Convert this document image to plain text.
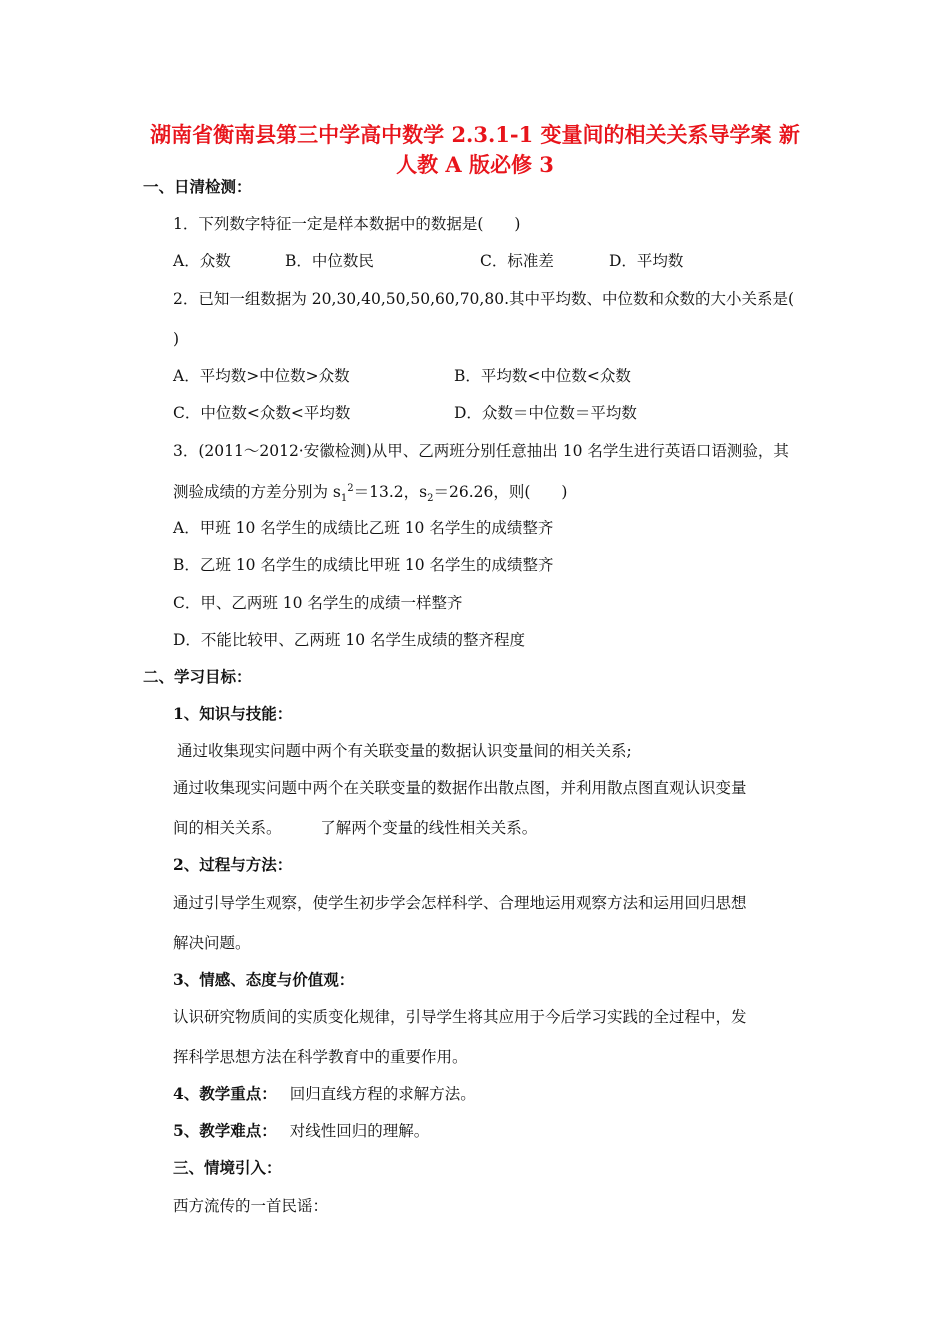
湖南省衡南县第三中学高中数学 2.3.1-1 变量间的相关关系导学案 新
人教 A 版必修 3
一、日清检测：
1．下列数字特征一定是样本数据中的数据是(　　)
A．众数	B．中位数民	C．标准差	D．平均数
2．已知一组数据为 20,30,40,50,50,60,70,80.其中平均数、中位数和众数的大小关系是(
)
A．平均数>中位数>众数	B．平均数<中位数<众数
C．中位数<众数<平均数	D．众数＝中位数＝平均数
3．(2011～2012·安徽检测)从甲、乙两班分别任意抽出 10 名学生进行英语口语测验，其
测验成绩的方差分别为 $s_1^2=13.2$，$s_2=26.26$，则(　　)
A．甲班 10 名学生的成绩比乙班 10 名学生的成绩整齐
B．乙班 10 名学生的成绩比甲班 10 名学生的成绩整齐
C．甲、乙两班 10 名学生的成绩一样整齐
D．不能比较甲、乙两班 10 名学生成绩的整齐程度
二、学习目标：
1、知识与技能：
通过收集现实问题中两个有关联变量的数据认识变量间的相关关系;
通过收集现实问题中两个在关联变量的数据作出散点图，并利用散点图直观认识变量
间的相关关系。　　　了解两个变量的线性相关关系。
2、过程与方法：
通过引导学生观察，使学生初步学会怎样科学、合理地运用观察方法和运用回归思想
解决问题。
3、情感、态度与价值观：
认识研究物质间的实质变化规律，引导学生将其应用于今后学习实践的全过程中，发
挥科学思想方法在科学教育中的重要作用。
4、教学重点： 回归直线方程的求解方法。
5、教学难点： 对线性回归的理解。
三、情境引入：
西方流传的一首民谣：
